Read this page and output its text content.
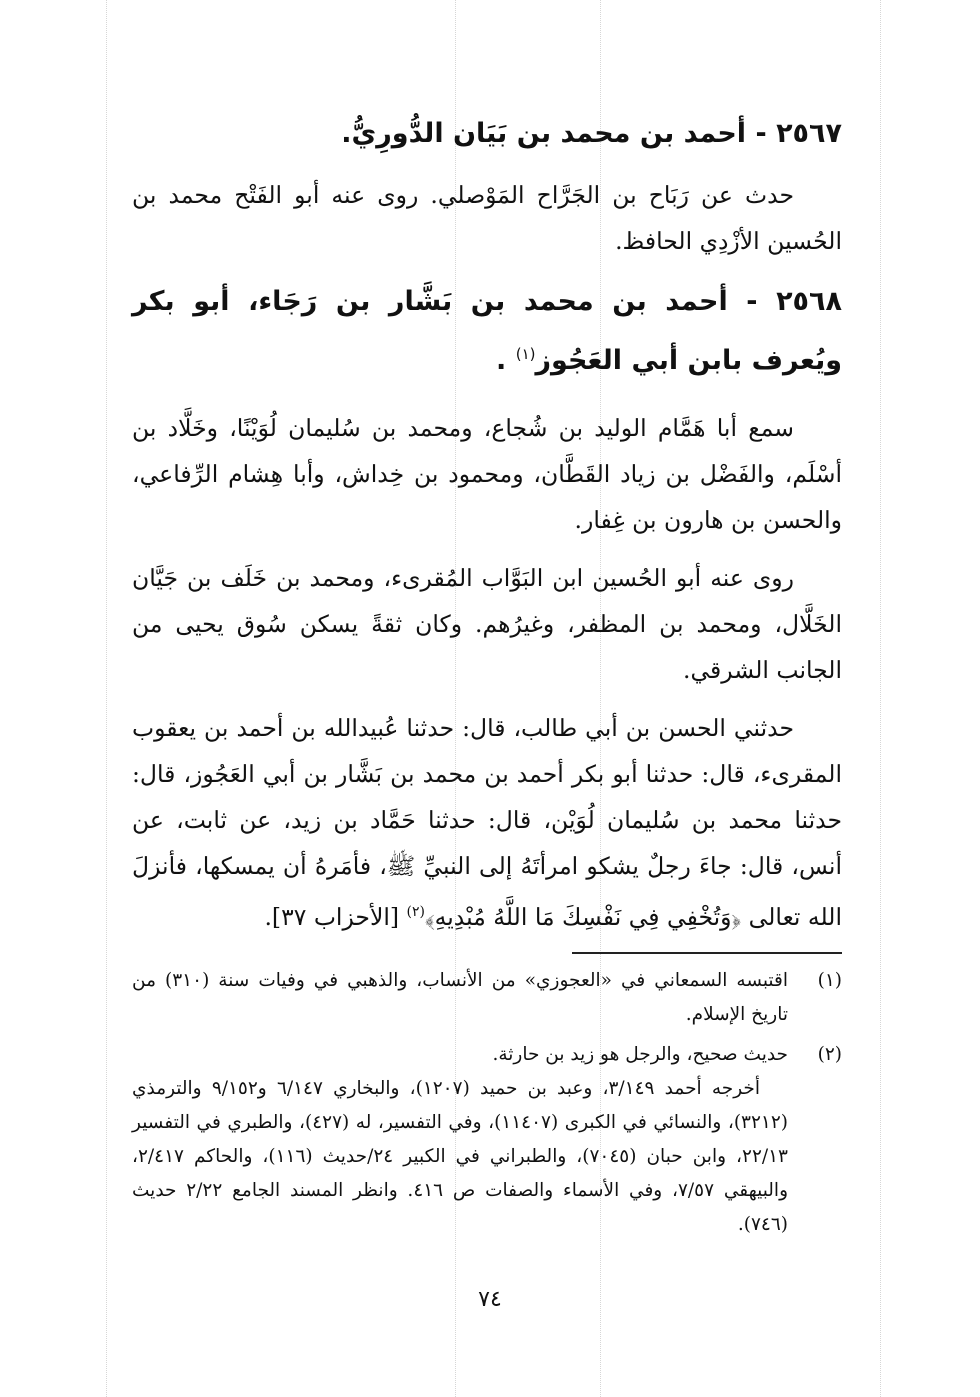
٢٥٦٧ - أحمد بن محمد بن بَيَان الدُّورِيُّ.

حدث عن رَبَاح بن الجَرَّاح المَوْصلي. روى عنه أبو الفَتْح محمد بن الحُسين الأزْدِي الحافظ.

٢٥٦٨ - أحمد بن محمد بن بَشَّار بن رَجَاء، أبو بكر ويُعرف بابن أبي العَجُوز$^{(١)}$ .

سمع أبا هَمَّام الوليد بن شُجاع، ومحمد بن سُليمان لُوَيْنًا، وخَلَّاد بن أسْلَم، والفَضْل بن زياد القَطَّان، ومحمود بن خِداش، وأبا هِشام الرِّفاعي، والحسن بن هارون بن غِفار.

روى عنه أبو الحُسين ابن البَوَّاب المُقرىء، ومحمد بن خَلَف بن جَيَّان الخَلَّال، ومحمد بن المظفر، وغيرُهم. وكان ثقةً يسكن سُوق يحيى من الجانب الشرقي.

حدثني الحسن بن أبي طالب، قال: حدثنا عُبيدالله بن أحمد بن يعقوب المقرىء، قال: حدثنا أبو بكر أحمد بن محمد بن بَشَّار بن أبي العَجُوز، قال: حدثنا محمد بن سُليمان لُوَيْن، قال: حدثنا حَمَّاد بن زيد، عن ثابت، عن أنس، قال: جاءَ رجلٌ يشكو امرأتَهُ إلى النبيِّ ﷺ، فأمَرهُ أن يمسكها، فأنزلَ الله تعالى ﴿وَتُخْفِي فِي نَفْسِكَ مَا اللَّهُ مُبْدِيهِ﴾$^{(٢)}$ [الأحزاب ٣٧].

(١)
اقتبسه السمعاني في «العجوزي» من الأنساب، والذهبي في وفيات سنة (٣١٠) من تاريخ الإسلام.
(٢)
حديث صحيح، والرجل هو زيد بن حارثة.

أخرجه أحمد ٣/١٤٩، وعبد بن حميد (١٢٠٧)، والبخاري ٦/١٤٧ و٩/١٥٢ والترمذي (٣٢١٢)، والنسائي في الكبرى (١١٤٠٧)، وفي التفسير، له (٤٢٧)، والطبري في التفسير ٢٢/١٣، وابن حبان (٧٠٤٥)، والطبراني في الكبير ٢٤/حديث (١١٦)، والحاكم ٢/٤١٧، والبيهقي ٧/٥٧، وفي الأسماء والصفات ص ٤١٦. وانظر المسند الجامع ٢/٢٢ حديث (٧٤٦).

٧٤
